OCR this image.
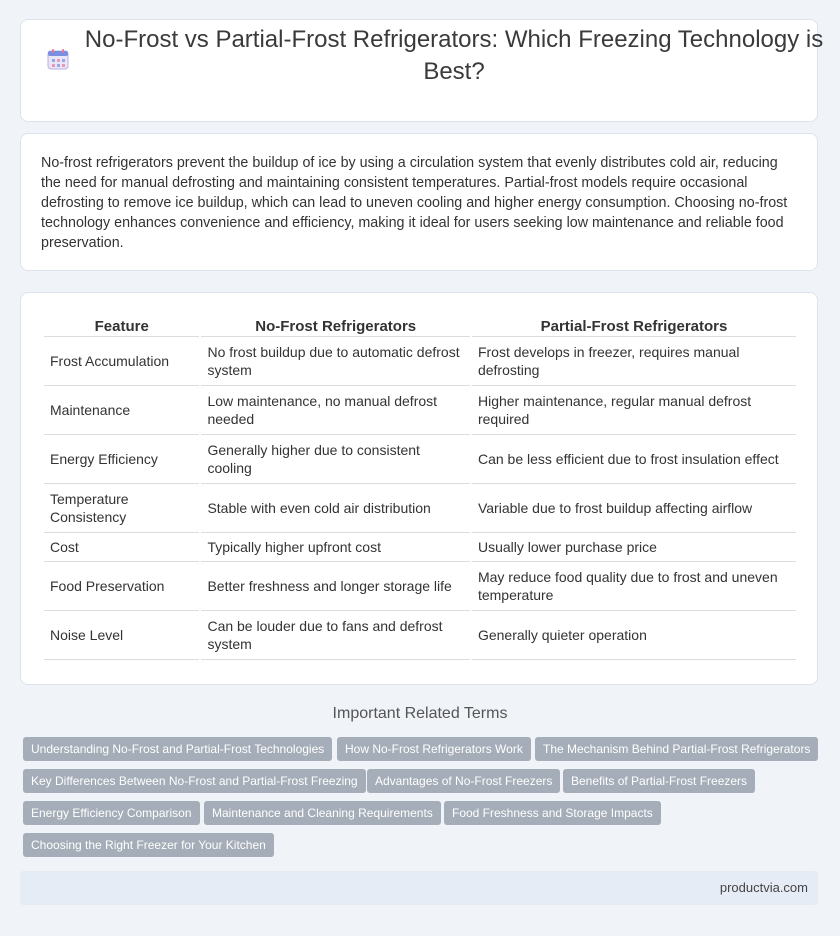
No-Frost vs Partial-Frost Refrigerators: Which Freezing Technology is Best?

No-frost refrigerators prevent the buildup of ice by using a circulation system that evenly distributes cold air, reducing the need for manual defrosting and maintaining consistent temperatures. Partial-frost models require occasional defrosting to remove ice buildup, which can lead to uneven cooling and higher energy consumption. Choosing no-frost technology enhances convenience and efficiency, making it ideal for users seeking low maintenance and reliable food preservation.

Feature	No-Frost Refrigerators	Partial-Frost Refrigerators
Frost Accumulation	No frost buildup due to automatic defrost system	Frost develops in freezer, requires manual defrosting
Maintenance	Low maintenance, no manual defrost needed	Higher maintenance, regular manual defrost required
Energy Efficiency	Generally higher due to consistent cooling	Can be less efficient due to frost insulation effect
Temperature Consistency	Stable with even cold air distribution	Variable due to frost buildup affecting airflow
Cost	Typically higher upfront cost	Usually lower purchase price
Food Preservation	Better freshness and longer storage life	May reduce food quality due to frost and uneven temperature
Noise Level	Can be louder due to fans and defrost system	Generally quieter operation
Important Related Terms
Understanding No-Frost and Partial-Frost Technologies	How No-Frost Refrigerators Work	The Mechanism Behind Partial-Frost Refrigerators
Key Differences Between No-Frost and Partial-Frost Freezing	Advantages of No-Frost Freezers	Benefits of Partial-Frost Freezers
Energy Efficiency Comparison	Maintenance and Cleaning Requirements	Food Freshness and Storage Impacts
Choosing the Right Freezer for Your Kitchen
productvia.com
